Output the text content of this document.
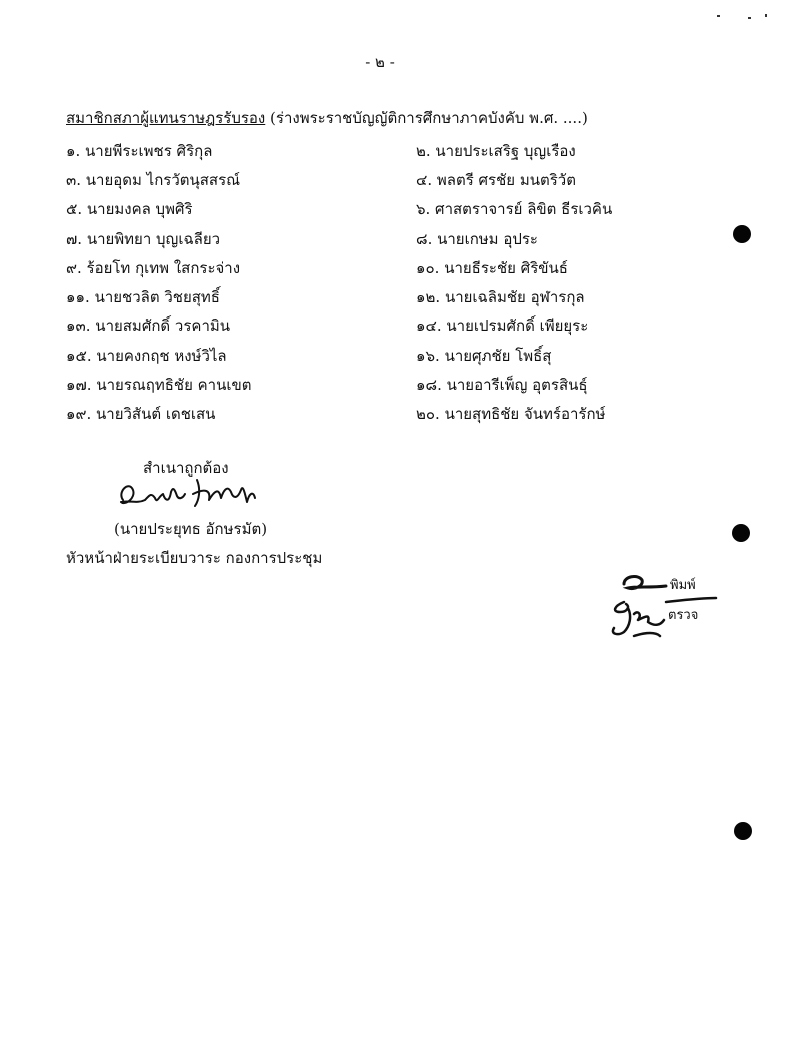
- ๒ -
สมาชิกสภาผู้แทนราษฎรรับรอง (ร่างพระราชบัญญัติการศึกษาภาคบังคับ พ.ศ. ....)
๑. นายพีระเพชร ศิริกุล	๒. นายประเสริฐ บุญเรือง
๓. นายอุดม ไกรวัตนุสสรณ์	๔. พลตรี ศรชัย มนตริวัต
๕. นายมงคล บุพศิริ	๖. ศาสตราจารย์ ลิขิต ธีรเวคิน
๗. นายพิทยา บุญเฉลียว	๘. นายเกษม อุประ
๙. ร้อยโท กุเทพ ใสกระจ่าง	๑๐. นายธีระชัย ศิริขันธ์
๑๑. นายชวลิต วิชยสุทธิ์	๑๒. นายเฉลิมชัย อุฬารกุล
๑๓. นายสมศักดิ์ วรคามิน	๑๔. นายเปรมศักดิ์ เพียยุระ
๑๕. นายคงกฤช หงษ์วิไล	๑๖. นายศุภชัย โพธิ์สุ
๑๗. นายรณฤทธิชัย คานเขต	๑๘. นายอารีเพ็ญ อุตรสินธุ์
๑๙. นายวิสันต์ เดชเสน	๒๐. นายสุทธิชัย จันทร์อารักษ์
สำเนาถูกต้อง
(นายประยุทธ อักษรมัต)
หัวหน้าฝ่ายระเบียบวาระ กองการประชุม
พิมพ์
ตรวจ
